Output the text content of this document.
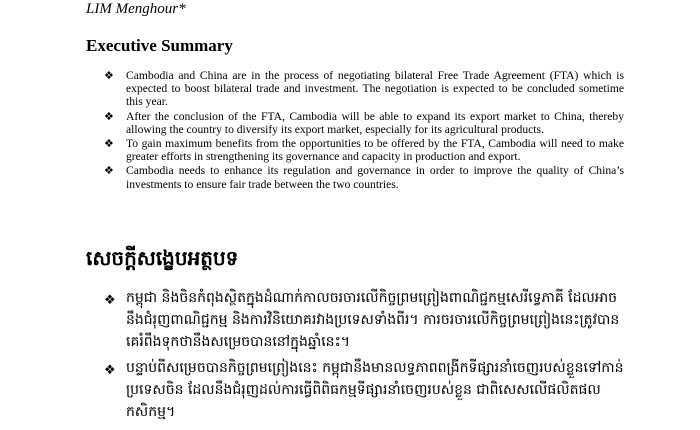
LIM Menghour*
Executive Summary
❖ Cambodia and China are in the process of negotiating bilateral Free Trade Agreement (FTA) which is expected to boost bilateral trade and investment. The negotiation is expected to be concluded sometime this year.
❖ After the conclusion of the FTA, Cambodia will be able to expand its export market to China, thereby allowing the country to diversify its export market, especially for its agricultural products.
❖ To gain maximum benefits from the opportunities to be offered by the FTA, Cambodia will need to make greater efforts in strengthening its governance and capacity in production and export.
❖ Cambodia needs to enhance its regulation and governance in order to improve the quality of China’s investments to ensure fair trade between the two countries.
សេចក្តីសង្ខេបអត្ថបទ
❖ កម្ពុជា និងចិនកំពុងស្ថិតក្នុងដំណាក់កាលចរចារលើកិច្ចព្រមព្រៀងពាណិជ្ជកម្មសេរីទ្វេភាគី ដែលអាចនឹងជំរុញពាណិជ្ជកម្ម និងការវិនិយោគរវាងប្រទេសទាំងពីរ។ ការចរចារលើកិច្ចព្រមព្រៀងនេះត្រូវបានគេរំពឹងទុកថានឹងសម្រេចបាននៅក្នុងឆ្នាំនេះ។
❖ បន្ទាប់ពីសម្រេចបានកិច្ចព្រមព្រៀងនេះ កម្ពុជានឹងមានលទ្ធភាពពង្រីកទីផ្សារនាំចេញរបស់ខ្លួនទៅកាន់ប្រទេសចិន ដែលនឹងជំរុញដល់ការធ្វើពិពិធកម្មទីផ្សារនាំចេញរបស់ខ្លួន ជាពិសេសលើផលិតផលកសិកម្ម។
